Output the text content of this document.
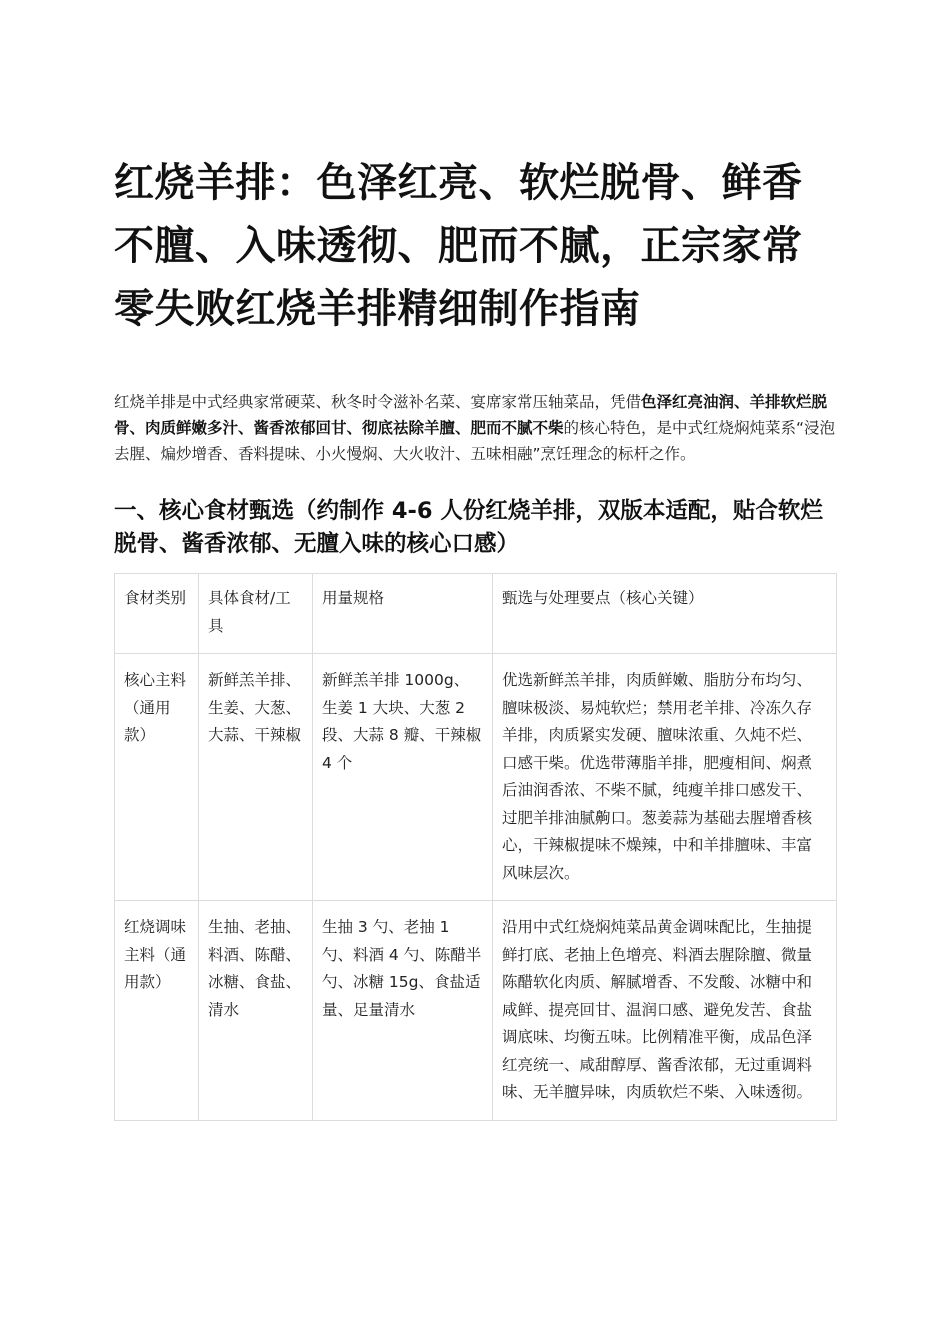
红烧羊排：色泽红亮、软烂脱骨、鲜香不膻、入味透彻、肥而不腻，正宗家常零失败红烧羊排精细制作指南

红烧羊排是中式经典家常硬菜、秋冬时令滋补名菜、宴席家常压轴菜品，凭借色泽红亮油润、羊排软烂脱骨、肉质鲜嫩多汁、酱香浓郁回甘、彻底祛除羊膻、肥而不腻不柴的核心特色，是中式红烧焖炖菜系“浸泡去腥、煸炒增香、香料提味、小火慢焖、大火收汁、五味相融”烹饪理念的标杆之作。

一、核心食材甄选（约制作 4-6 人份红烧羊排，双版本适配，贴合软烂脱骨、酱香浓郁、无膻入味的核心口感）
食材类别	具体食材/工具	用量规格	甄选与处理要点（核心关键）
核心主料（通用款）	新鲜羔羊排、生姜、大葱、大蒜、干辣椒	新鲜羔羊排 1000g、生姜 1 大块、大葱 2 段、大蒜 8 瓣、干辣椒 4 个	优选新鲜羔羊排，肉质鲜嫩、脂肪分布均匀、膻味极淡、易炖软烂；禁用老羊排、冷冻久存羊排，肉质紧实发硬、膻味浓重、久炖不烂、口感干柴。优选带薄脂羊排，肥瘦相间、焖煮后油润香浓、不柴不腻，纯瘦羊排口感发干、过肥羊排油腻齁口。葱姜蒜为基础去腥增香核心，干辣椒提味不燥辣，中和羊排膻味、丰富风味层次。
红烧调味主料（通用款）	生抽、老抽、料酒、陈醋、冰糖、食盐、清水	生抽 3 勺、老抽 1 勺、料酒 4 勺、陈醋半勺、冰糖 15g、食盐适量、足量清水	沿用中式红烧焖炖菜品黄金调味配比，生抽提鲜打底、老抽上色增亮、料酒去腥除膻、微量陈醋软化肉质、解腻增香、不发酸、冰糖中和咸鲜、提亮回甘、温润口感、避免发苦、食盐调底味、均衡五味。比例精准平衡，成品色泽红亮统一、咸甜醇厚、酱香浓郁，无过重调料味、无羊膻异味，肉质软烂不柴、入味透彻。
